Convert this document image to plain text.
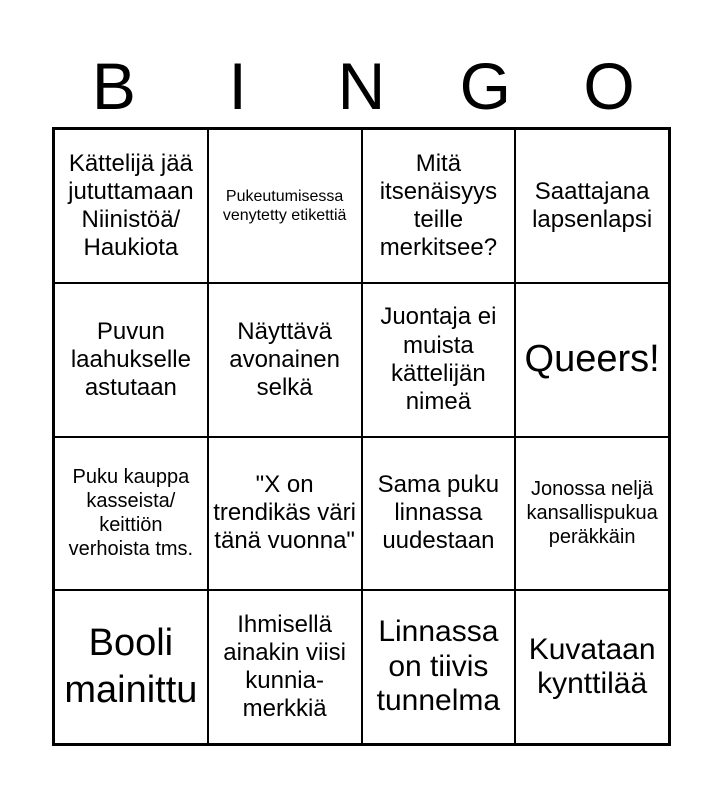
B	I	N	G	O
Kättelijä jää jututtamaan Niinistöä/ Haukiota
Pukeutumisessa venytetty etikettiä
Mitä itsenäisyys teille merkitsee?
Saattajana lapsenlapsi
Puvun laahukselle astutaan
Näyttävä avonainen selkä
Juontaja ei muista kättelijän nimeä
Queers!
Puku kauppa kasseista/ keittiön verhoista tms.
"X on trendikäs väri tänä vuonna"
Sama puku linnassa uudestaan
Jonossa neljä kansallispukua peräkkäin
Booli mainittu
Ihmisellä ainakin viisi kunnia-merkkiä
Linnassa on tiivis tunnelma
Kuvataan kynttilää
